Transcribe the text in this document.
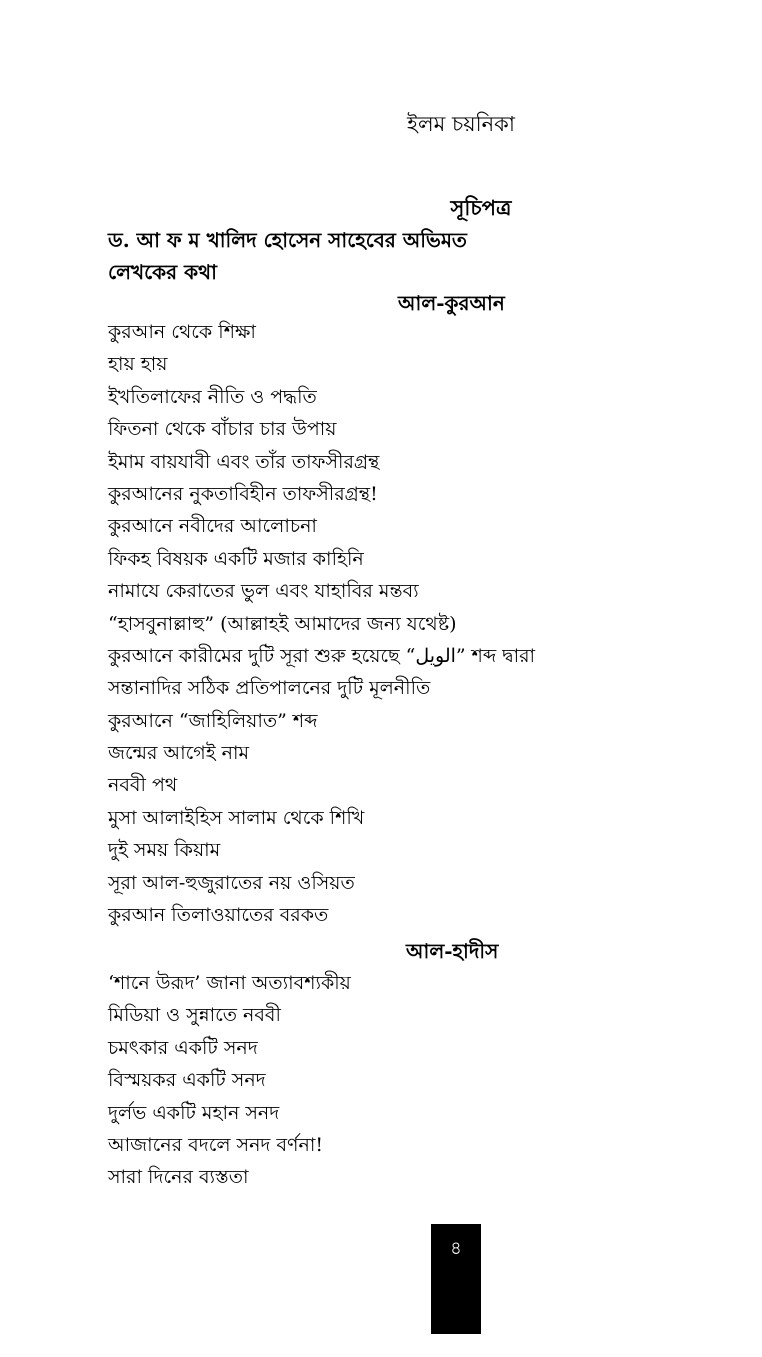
ইলম চয়নিকা
সূচিপত্র
ড. আ ফ ম খালিদ হোসেন সাহেবের অভিমত
লেখকের কথা
আল-কুরআন
কুরআন থেকে শিক্ষা
হায় হায়
ইখতিলাফের নীতি ও পদ্ধতি
ফিতনা থেকে বাঁচার চার উপায়
ইমাম বায়যাবী এবং তাঁর তাফসীরগ্রন্থ
কুরআনের নুকতাবিহীন তাফসীরগ্রন্থ!
কুরআনে নবীদের আলোচনা
ফিকহ বিষয়ক একটি মজার কাহিনি
নামাযে কেরাতের ভুল এবং যাহাবির মন্তব্য
“হাসবুনাল্লাহু” (আল্লাহই আমাদের জন্য যথেষ্ট)
কুরআনে কারীমের দুটি সূরা শুরু হয়েছে “الويل” শব্দ দ্বারা
সন্তানাদির সঠিক প্রতিপালনের দুটি মূলনীতি
কুরআনে “জাহিলিয়াত” শব্দ
জন্মের আগেই নাম
নববী পথ
মুসা আলাইহিস সালাম থেকে শিখি
দুই সময় কিয়াম
সূরা আল-হুজুরাতের নয় ওসিয়ত
কুরআন তিলাওয়াতের বরকত
আল-হাদীস
‘শানে উরূদ’ জানা অত্যাবশ্যকীয়
মিডিয়া ও সুন্নাতে নববী
চমৎকার একটি সনদ
বিস্ময়কর একটি সনদ
দুর্লভ একটি মহান সনদ
আজানের বদলে সনদ বর্ণনা!
সারা দিনের ব্যস্ততা
৪
